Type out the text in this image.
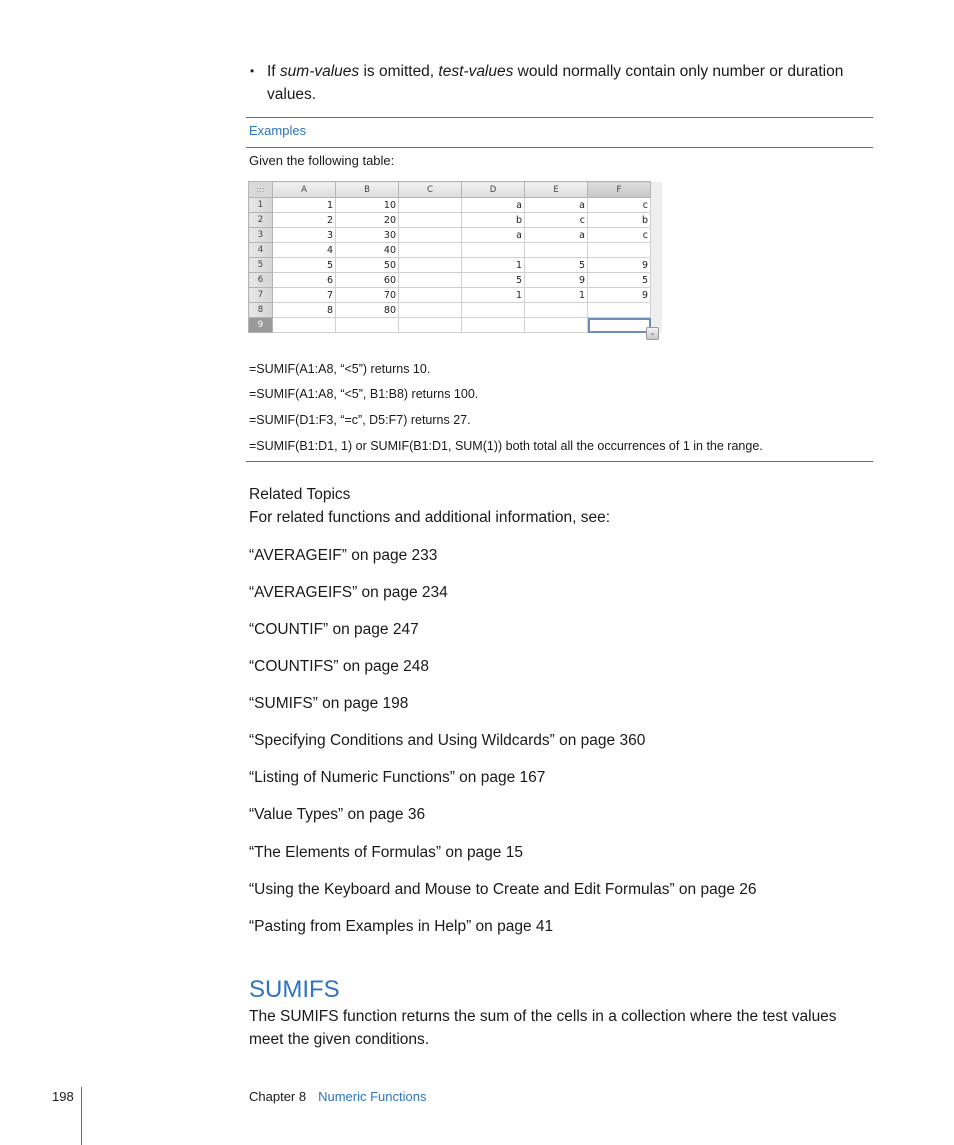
• If sum-values is omitted, test-values would normally contain only number or duration values.
Examples
Given the following table:
:::	A	B	C	D	E	F	
1	1	10		a	a	c	
2	2	20		b	c	b	
3	3	30		a	a	c	
4	4	40					
5	5	50		1	5	9	
6	6	60		5	9	5	
7	7	70		1	1	9	
8	8	80					
9							
⌄
=SUMIF(A1:A8, “<5”) returns 10.
=SUMIF(A1:A8, “<5”, B1:B8) returns 100.
=SUMIF(D1:F3, “=c”, D5:F7) returns 27.
=SUMIF(B1:D1, 1) or SUMIF(B1:D1, SUM(1)) both total all the occurrences of 1 in the range.
Related Topics
For related functions and additional information, see:
“AVERAGEIF” on page 233
“AVERAGEIFS” on page 234
“COUNTIF” on page 247
“COUNTIFS” on page 248
“SUMIFS” on page 198
“Specifying Conditions and Using Wildcards” on page 360
“Listing of Numeric Functions” on page 167
“Value Types” on page 36
“The Elements of Formulas” on page 15
“Using the Keyboard and Mouse to Create and Edit Formulas” on page 26
“Pasting from Examples in Help” on page 41
SUMIFS
The SUMIFS function returns the sum of the cells in a collection where the test values meet the given conditions.
198	Chapter 8 Numeric Functions
